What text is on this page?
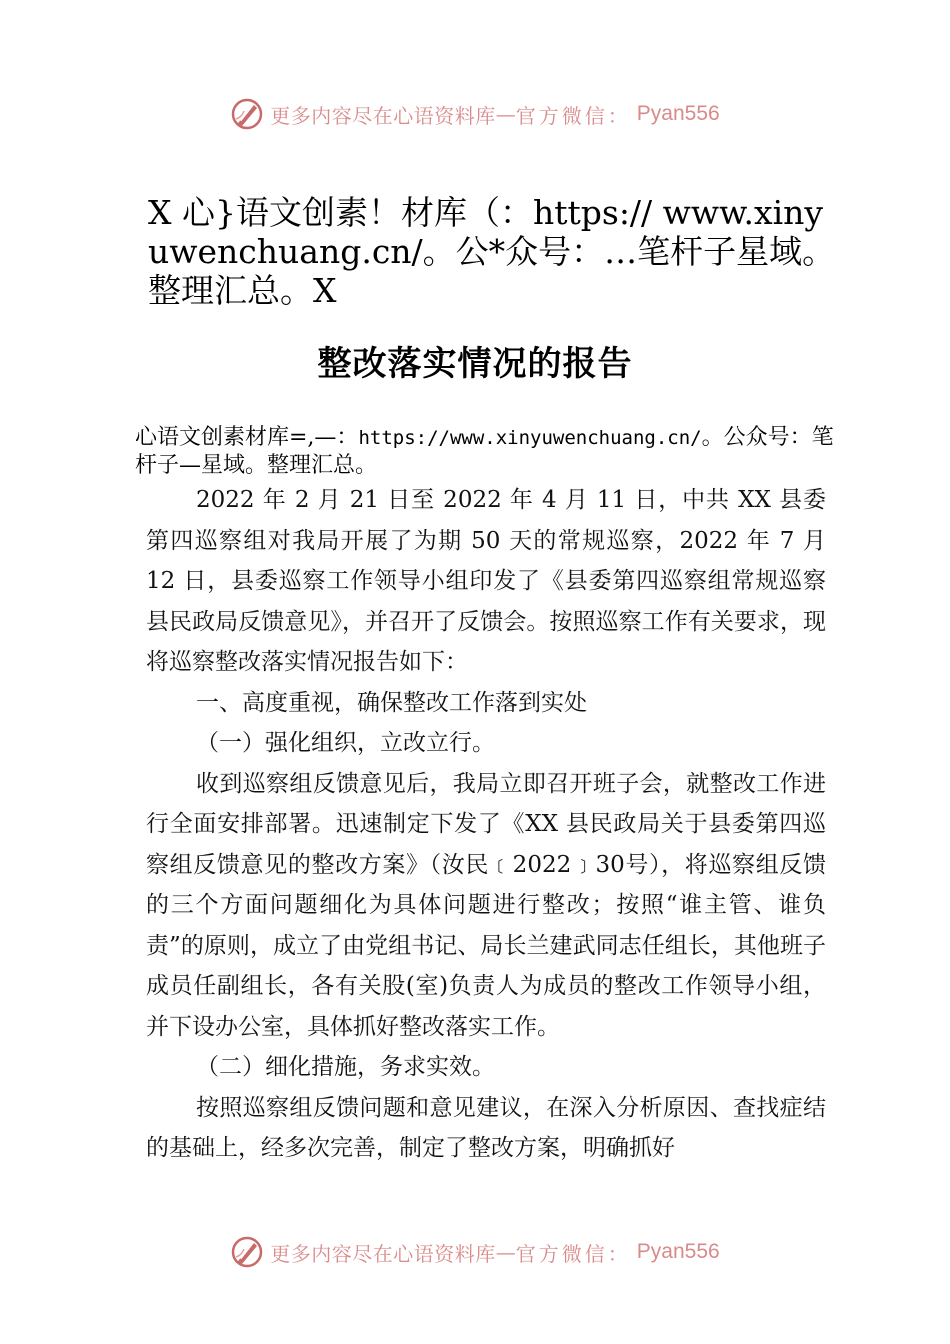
更多内容尽在心语资料库 — 官方微信： Pyan556
X 心}语文创素！材库（：https:// www.xinyuwenchuang.cn/。公*众号：…笔杆子星域。整理汇总。X
整改落实情况的报告
心语文创素材库=,—：https://www.xinyuwenchuang.cn/。公众号：笔杆子—星域。整理汇总。

2022 年 2 月 21 日至 2022 年 4 月 11 日，中共 XX 县委第四巡察组对我局开展了为期 50 天的常规巡察，2022 年 7 月 12 日，县委巡察工作领导小组印发了《县委第四巡察组常规巡察县民政局反馈意见》，并召开了反馈会。按照巡察工作有关要求，现将巡察整改落实情况报告如下：

一、高度重视，确保整改工作落到实处

（一）强化组织，立改立行。

收到巡察组反馈意见后，我局立即召开班子会，就整改工作进行全面安排部署。迅速制定下发了《XX 县民政局关于县委第四巡察组反馈意见的整改方案》（汝民﹝2022﹞30号），将巡察组反馈的三个方面问题细化为具体问题进行整改；按照“谁主管、谁负责”的原则，成立了由党组书记、局长兰建武同志任组长，其他班子成员任副组长，各有关股(室)负责人为成员的整改工作领导小组，并下设办公室，具体抓好整改落实工作。

（二）细化措施，务求实效。

按照巡察组反馈问题和意见建议，在深入分析原因、查找症结的基础上，经多次完善，制定了整改方案，明确抓好

更多内容尽在心语资料库 — 官方微信： Pyan556
